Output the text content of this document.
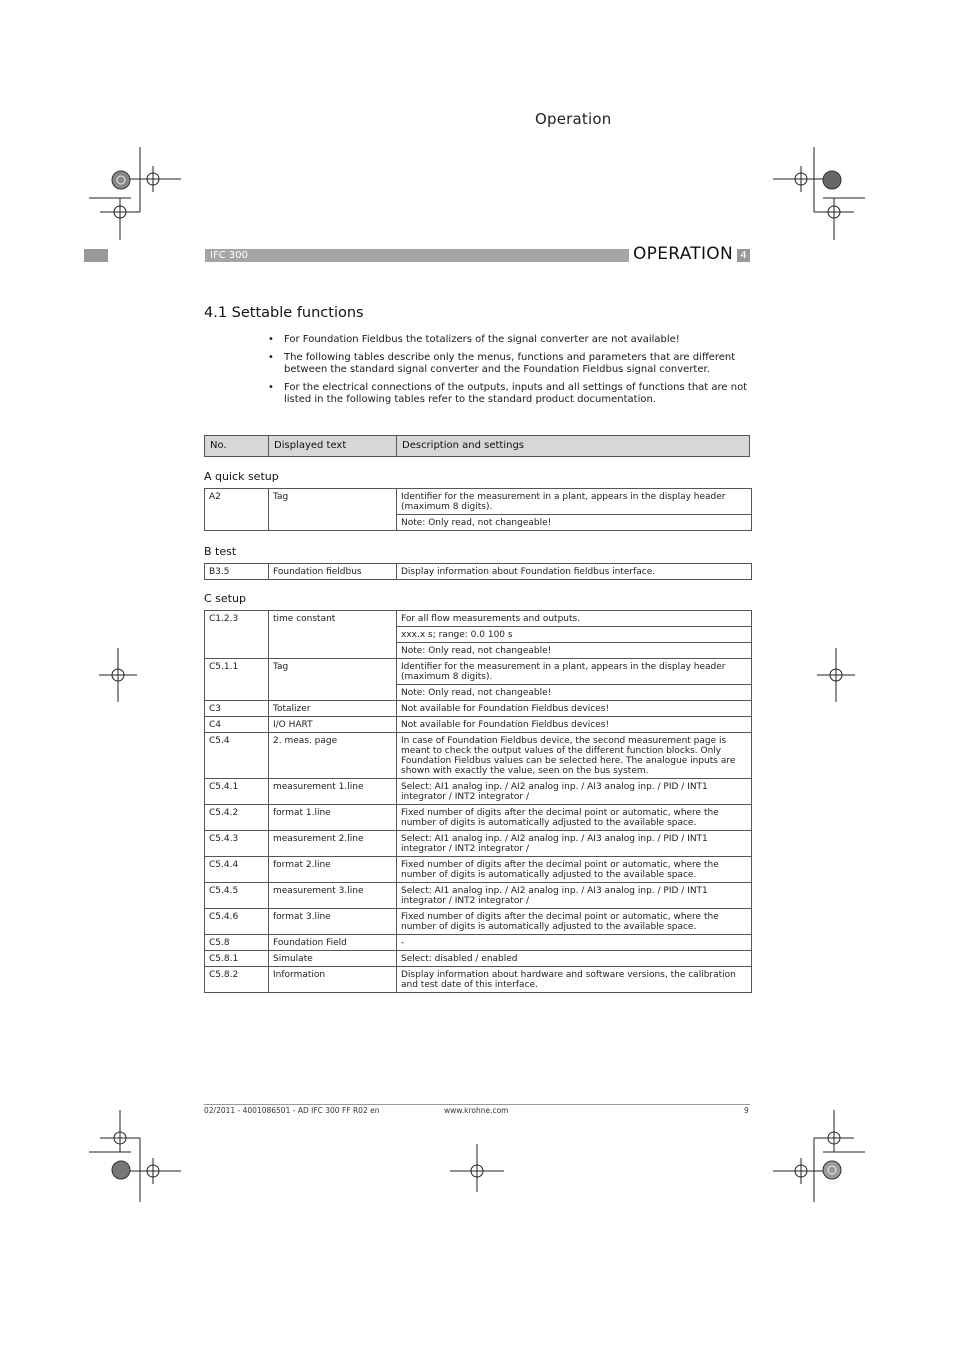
Operation
IFC 300	OPERATION 4
4.1 Settable functions
• For Foundation Fieldbus the totalizers of the signal converter are not available!
• The following tables describe only the menus, functions and parameters that are different between the standard signal converter and the Foundation Fieldbus signal converter.
• For the electrical connections of the outputs, inputs and all settings of functions that are not listed in the following tables refer to the standard product documentation.
No.	Displayed text	Description and settings
A quick setup
A2	Tag	Identifier for the measurement in a plant, appears in the display header (maximum 8 digits).
Note: Only read, not changeable!
B test
B3.5	Foundation fieldbus	Display information about Foundation fieldbus interface.
C setup
C1.2.3	time constant	For all flow measurements and outputs.
		xxx.x s; range: 0.0 100 s
		Note: Only read, not changeable!
C5.1.1	Tag	Identifier for the measurement in a plant, appears in the display header (maximum 8 digits).
		Note: Only read, not changeable!
C3	Totalizer	Not available for Foundation Fieldbus devices!
C4	I/O HART	Not available for Foundation Fieldbus devices!
C5.4	2. meas. page	In case of Foundation Fieldbus device, the second measurement page is meant to check the output values of the different function blocks. Only Foundation Fieldbus values can be selected here. The analogue inputs are shown with exactly the value, seen on the bus system.
C5.4.1	measurement 1.line	Select: AI1 analog inp. / AI2 analog inp. / AI3 analog inp. / PID / INT1 integrator / INT2 integrator /
C5.4.2	format 1.line	Fixed number of digits after the decimal point or automatic, where the number of digits is automatically adjusted to the available space.
C5.4.3	measurement 2.line	Select: AI1 analog inp. / AI2 analog inp. / AI3 analog inp. / PID / INT1 integrator / INT2 integrator /
C5.4.4	format 2.line	Fixed number of digits after the decimal point or automatic, where the number of digits is automatically adjusted to the available space.
C5.4.5	measurement 3.line	Select: AI1 analog inp. / AI2 analog inp. / AI3 analog inp. / PID / INT1 integrator / INT2 integrator /
C5.4.6	format 3.line	Fixed number of digits after the decimal point or automatic, where the number of digits is automatically adjusted to the available space.
C5.8	Foundation Field	-
C5.8.1	Simulate	Select: disabled / enabled
C5.8.2	Information	Display information about hardware and software versions, the calibration and test date of this interface.
02/2011 - 4001086501 - AD IFC 300 FF R02 en	www.krohne.com	9
